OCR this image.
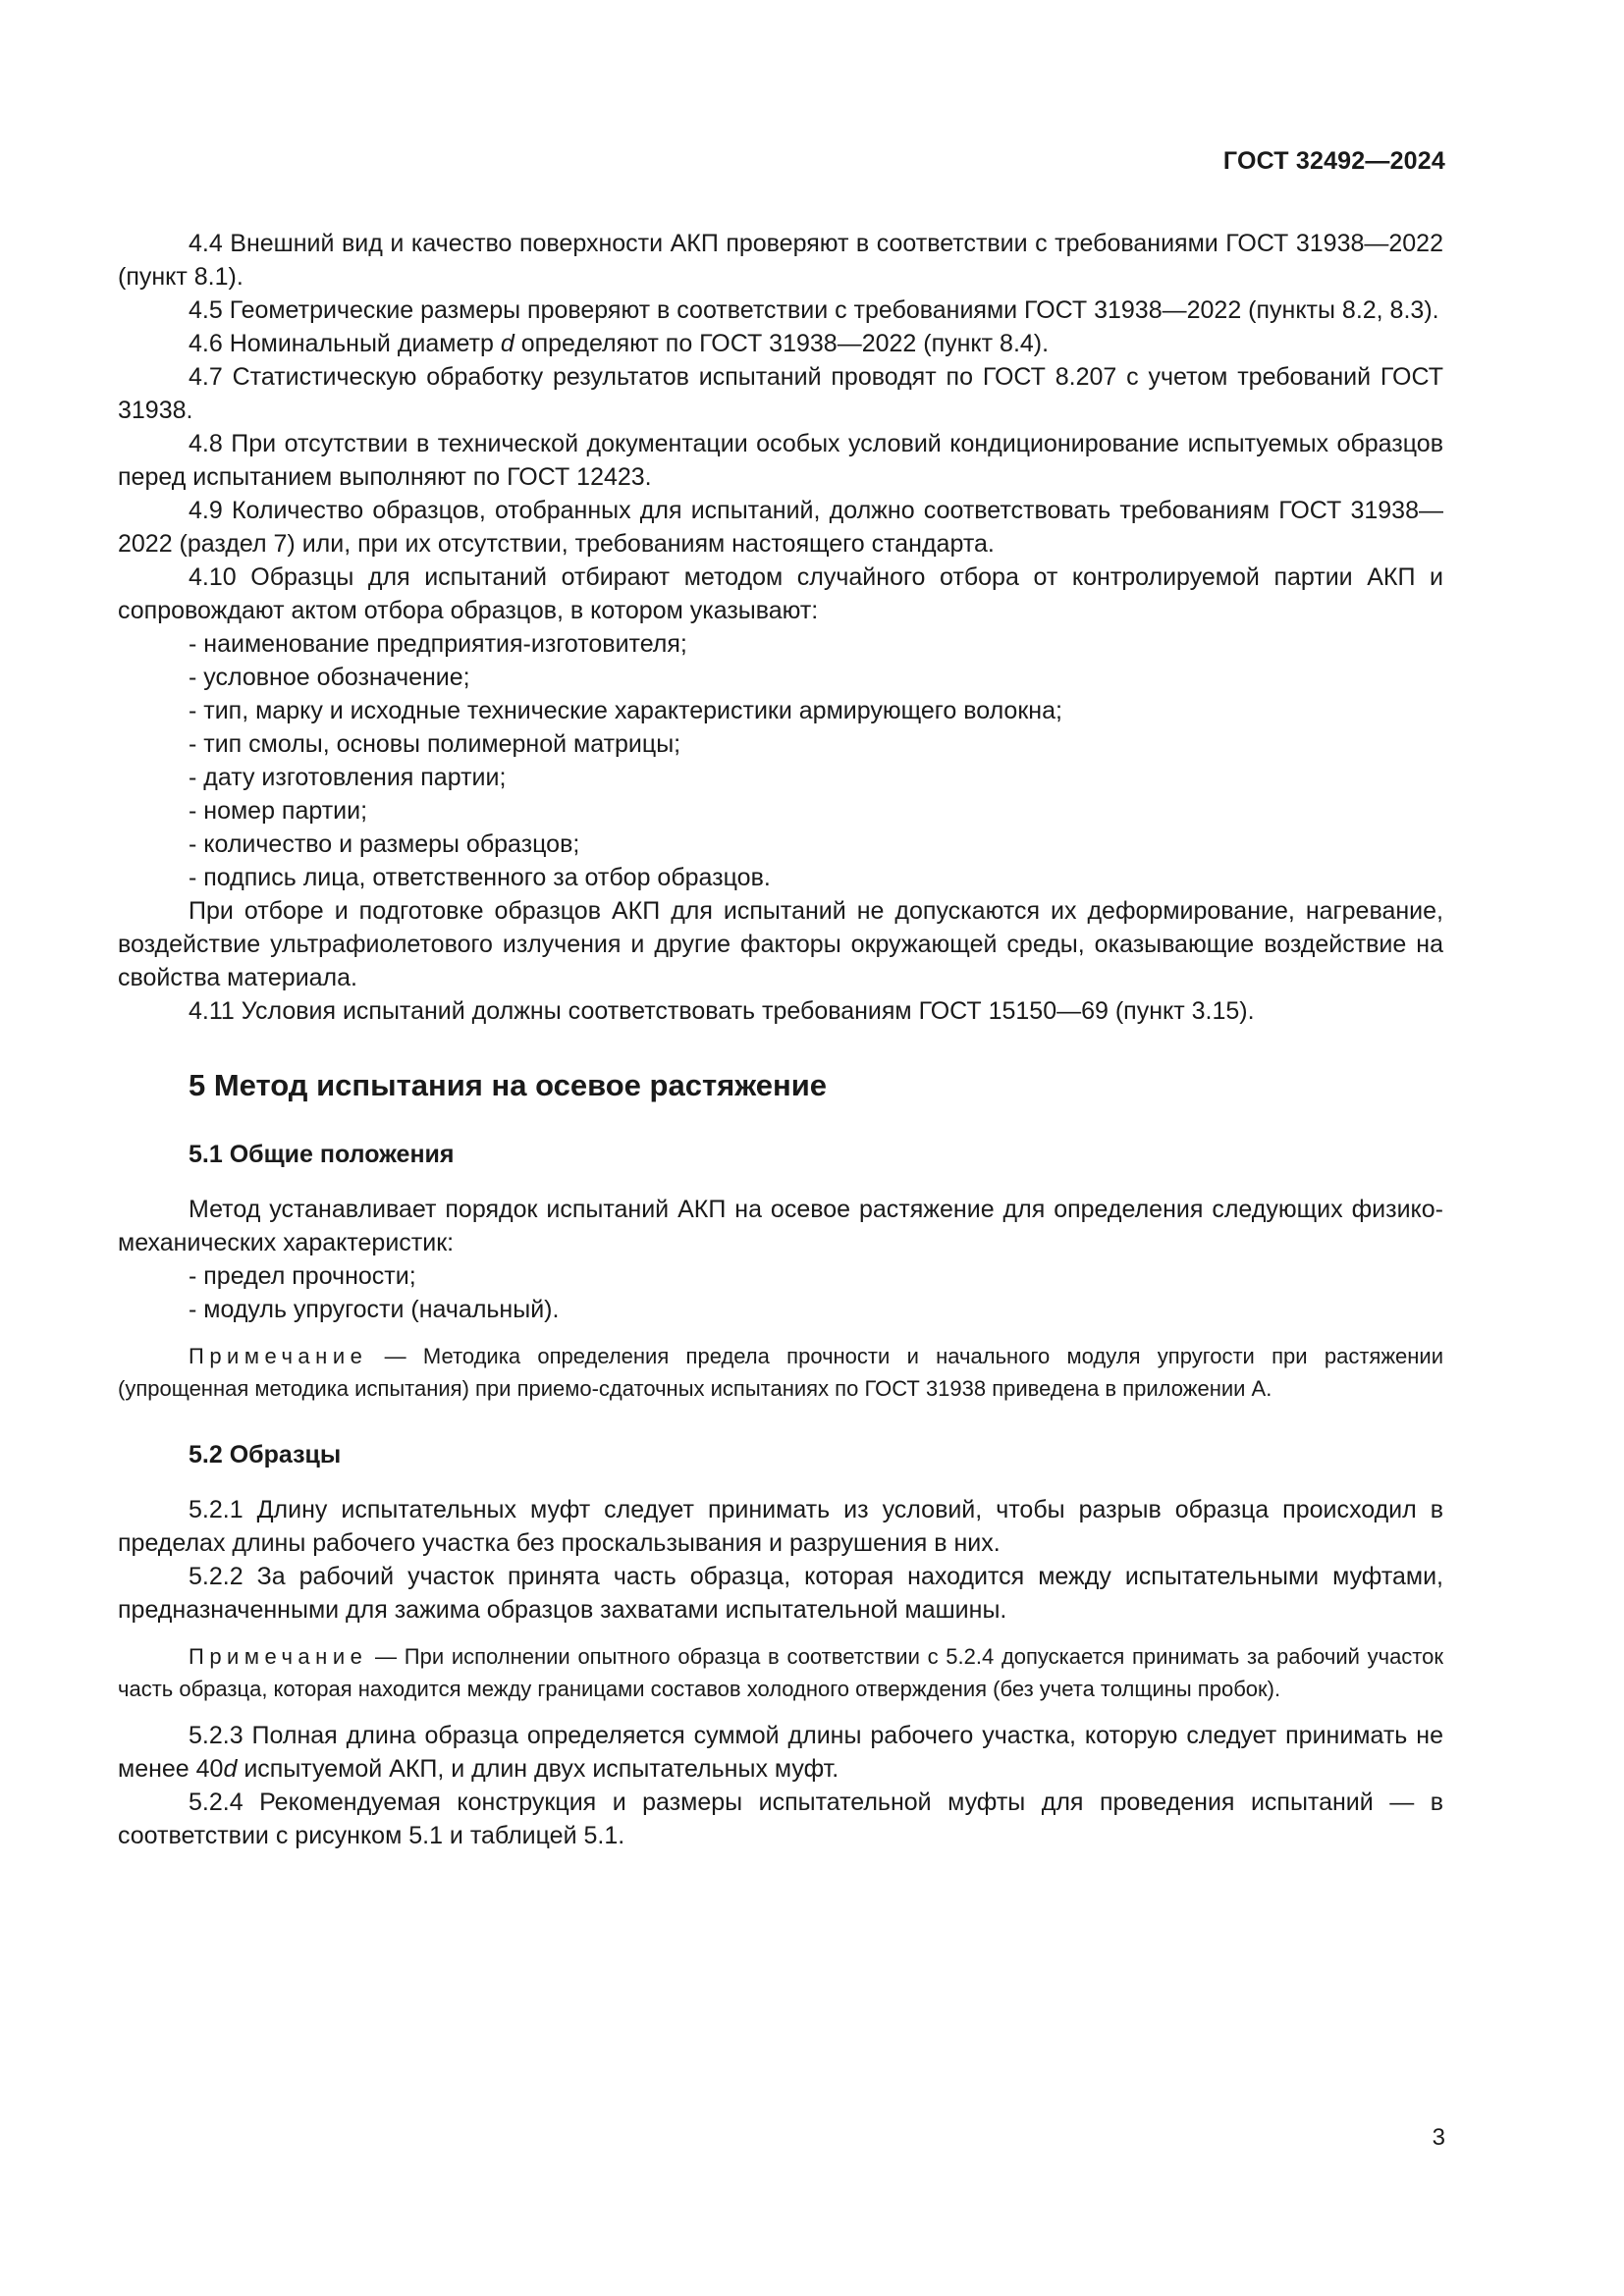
ГОСТ 32492—2024

4.4 Внешний вид и качество поверхности АКП проверяют в соответствии с требованиями ГОСТ 31938—2022 (пункт 8.1).

4.5 Геометрические размеры проверяют в соответствии с требованиями ГОСТ 31938—2022 (пункты 8.2, 8.3).

4.6 Номинальный диаметр d определяют по ГОСТ 31938—2022 (пункт 8.4).

4.7 Статистическую обработку результатов испытаний проводят по ГОСТ 8.207 с учетом требований ГОСТ 31938.

4.8 При отсутствии в технической документации особых условий кондиционирование испытуемых образцов перед испытанием выполняют по ГОСТ 12423.

4.9 Количество образцов, отобранных для испытаний, должно соответствовать требованиям ГОСТ 31938—2022 (раздел 7) или, при их отсутствии, требованиям настоящего стандарта.

4.10 Образцы для испытаний отбирают методом случайного отбора от контролируемой партии АКП и сопровождают актом отбора образцов, в котором указывают:

- наименование предприятия-изготовителя;

- условное обозначение;

- тип, марку и исходные технические характеристики армирующего волокна;

- тип смолы, основы полимерной матрицы;

- дату изготовления партии;

- номер партии;

- количество и размеры образцов;

- подпись лица, ответственного за отбор образцов.

При отборе и подготовке образцов АКП для испытаний не допускаются их деформирование, нагревание, воздействие ультрафиолетового излучения и другие факторы окружающей среды, оказывающие воздействие на свойства материала.

4.11 Условия испытаний должны соответствовать требованиям ГОСТ 15150—69 (пункт 3.15).

5 Метод испытания на осевое растяжение
5.1 Общие положения

Метод устанавливает порядок испытаний АКП на осевое растяжение для определения следующих физико-механических характеристик:

- предел прочности;

- модуль упругости (начальный).

Примечание — Методика определения предела прочности и начального модуля упругости при растяжении (упрощенная методика испытания) при приемо-сдаточных испытаниях по ГОСТ 31938 приведена в приложении А.

5.2 Образцы

5.2.1 Длину испытательных муфт следует принимать из условий, чтобы разрыв образца происходил в пределах длины рабочего участка без проскальзывания и разрушения в них.

5.2.2 За рабочий участок принята часть образца, которая находится между испытательными муфтами, предназначенными для зажима образцов захватами испытательной машины.

Примечание — При исполнении опытного образца в соответствии с 5.2.4 допускается принимать за рабочий участок часть образца, которая находится между границами составов холодного отверждения (без учета толщины пробок).

5.2.3 Полная длина образца определяется суммой длины рабочего участка, которую следует принимать не менее 40d испытуемой АКП, и длин двух испытательных муфт.

5.2.4 Рекомендуемая конструкция и размеры испытательной муфты для проведения испытаний — в соответствии с рисунком 5.1 и таблицей 5.1.

3
